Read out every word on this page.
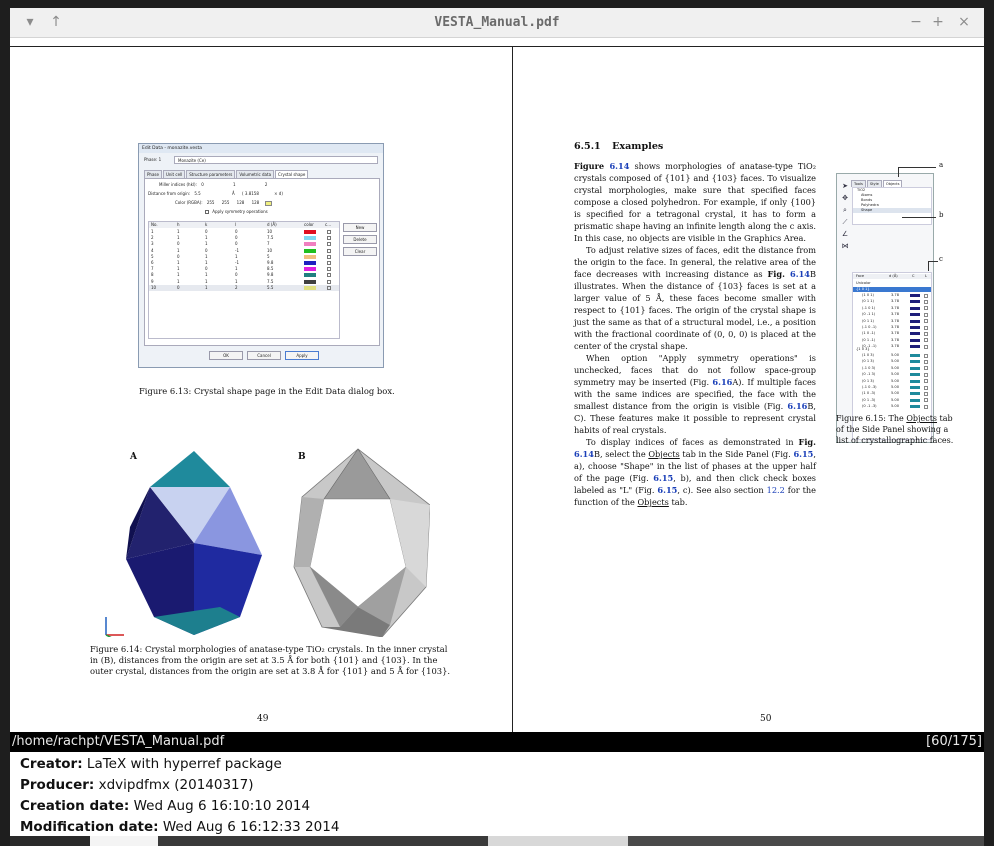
▾	↑	VESTA_Manual.pdf	− + ×
Edit Data - monazite.vesta
Phase: 1	Monazite (Ce)
Phase	Unit cell	Structure parameters	Volumetric data	Crystal shape
Miller indices (hkl): 0	1	2
Distance from origin: 5.5	Å ( 3.8158	× d)
Color (RGBA): 255 255 128 128
Apply symmetry operations
No.	h	k	l	d (Å)	color	c...
1	1	0	0	10
2	1	1	0	7.5
3	0	1	0	7
4	1	0	-1	10
5	0	1	1	5
6	1	1	-1	9.8
7	1	0	1	8.5
8	1	1	0	9.8
9	1	1	1	7.5
10	0	1	2	5.5
New
Delete
Clear
OK	Cancel	Apply
Figure 6.13: Crystal shape page in the Edit Data dialog box.
A	B
Figure 6.14: Crystal morphologies of anatase-type TiO₂ crystals. In the inner crystal
in (B), distances from the origin are set at 3.5 Å for both {101} and {103}. In the
outer crystal, distances from the origin are set at 3.8 Å for {101} and 5 Å for {103}.
49
6.5.1 Examples

Figure 6.14 shows morphologies of anatase-type TiO₂ crystals composed of {101} and {103} faces. To visualize crystal morphologies, make sure that specified faces compose a closed polyhedron. For example, if only {100} is specified for a tetragonal crystal, it has to form a prismatic shape having an infinite length along the c axis. In this case, no objects are visible in the Graphics Area.

To adjust relative sizes of faces, edit the distance from the origin to the face. In general, the relative area of the face decreases with increasing distance as Fig. 6.14B illustrates. When the distance of {103} faces is set at a larger value of 5 Å, these faces become smaller with respect to {101} faces. The origin of the crystal shape is just the same as that of a structural model, i.e., a position with the fractional coordinate of (0, 0, 0) is placed at the center of the crystal shape.

When option "Apply symmetry operations" is unchecked, faces that do not follow space-group symmetry may be inserted (Fig. 6.16A). If multiple faces with the same indices are specified, the face with the smallest distance from the origin is visible (Fig. 6.16B, C). These features make it possible to represent crystal habits of real crystals.

To display indices of faces as demonstrated in Fig. 6.14B, select the Objects tab in the Side Panel (Fig. 6.15, a), choose "Shape" in the list of phases at the upper half of the page (Fig. 6.15, b), and then click check boxes labeled as "L" (Fig. 6.15, c). See also section 12.2 for the function of the Objects tab.

➤
✥
⌕
⟋
∠
⋈
Tools	Style	Objects
TiO2
Atoms
Bonds
Polyhedra
Shape
Face	d (Å)	C	L
Unicolor
{1 0 1}
(1 0 1)	3.78
(0 1 1)	3.78
(-1 0 1)	3.78
(0 -1 1)	3.78
(0 1 1)	3.78
(-1 0 -1)	3.78
(1 0 -1)	3.78
(0 1 -1)	3.78
(0 -1 -1)	3.78
{1 0 3}
(1 0 3)	5.00
(0 1 3)	5.00
(-1 0 3)	5.00
(0 -1 3)	5.00
(0 1 3)	5.00
(-1 0 -3)	5.00
(1 0 -3)	5.00
(0 1 -3)	5.00
(0 -1 -3)	5.00
a
b
c
Figure 6.15: The Objects tab of the Side Panel showing a list of crystallographic faces.
50
/home/rachpt/VESTA_Manual.pdf	[60/175]
Creator: LaTeX with hyperref package
Producer: xdvipdfmx (20140317)
Creation date: Wed Aug 6 16:10:10 2014
Modification date: Wed Aug 6 16:12:33 2014
